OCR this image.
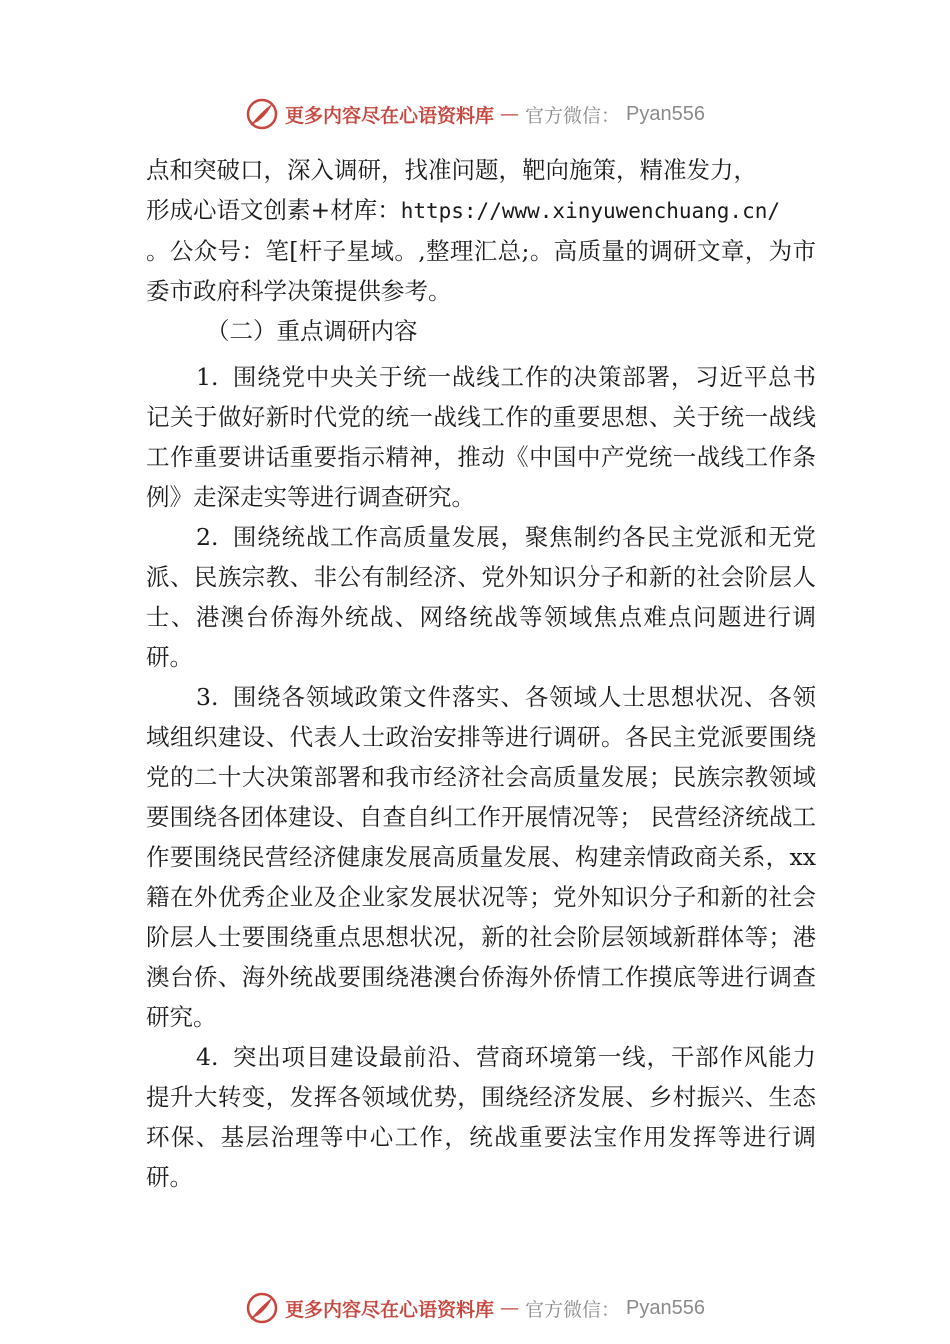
更多内容尽在心语资料库 — 官方微信： Pyan556

点和突破口，深入调研，找准问题，靶向施策，精准发力，
形成心语文创素+材库：https://www.xinyuwenchuang.cn/
。公众号：笔[杆子星域。,整理汇总;。高质量的调研文章，为市委市政府科学决策提供参考。

（二）重点调研内容

1. 围绕党中央关于统一战线工作的决策部署，习近平总书记关于做好新时代党的统一战线工作的重要思想、关于统一战线工作重要讲话重要指示精神，推动《中国中产党统一战线工作条例》走深走实等进行调查研究。

2. 围绕统战工作高质量发展，聚焦制约各民主党派和无党派、民族宗教、非公有制经济、党外知识分子和新的社会阶层人士、港澳台侨海外统战、网络统战等领域焦点难点问题进行调研。

3. 围绕各领域政策文件落实、各领域人士思想状况、各领域组织建设、代表人士政治安排等进行调研。各民主党派要围绕党的二十大决策部署和我市经济社会高质量发展；民族宗教领域要围绕各团体建设、自查自纠工作开展情况等； 民营经济统战工作要围绕民营经济健康发展高质量发展、构建亲情政商关系，xx 籍在外优秀企业及企业家发展状况等；党外知识分子和新的社会阶层人士要围绕重点思想状况，新的社会阶层领域新群体等；港澳台侨、海外统战要围绕港澳台侨海外侨情工作摸底等进行调查研究。

4. 突出项目建设最前沿、营商环境第一线，干部作风能力提升大转变，发挥各领域优势，围绕经济发展、乡村振兴、生态环保、基层治理等中心工作，统战重要法宝作用发挥等进行调研。

更多内容尽在心语资料库 — 官方微信： Pyan556
